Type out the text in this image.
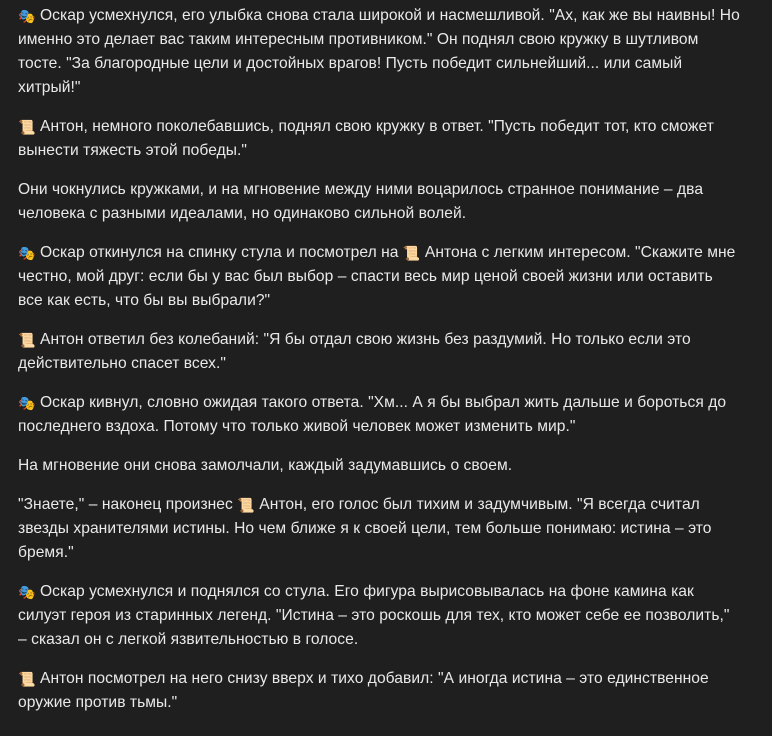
🎭 Оскар усмехнулся, его улыбка снова стала широкой и насмешливой. "Ах, как же вы наивны! Но именно это делает вас таким интересным противником." Он поднял свою кружку в шутливом тосте. "За благородные цели и достойных врагов! Пусть победит сильнейший... или самый хитрый!"

📜 Антон, немного поколебавшись, поднял свою кружку в ответ. "Пусть победит тот, кто сможет вынести тяжесть этой победы."

Они чокнулись кружками, и на мгновение между ними воцарилось странное понимание – два человека с разными идеалами, но одинаково сильной волей.

🎭 Оскар откинулся на спинку стула и посмотрел на 📜 Антона с легким интересом. "Скажите мне честно, мой друг: если бы у вас был выбор – спасти весь мир ценой своей жизни или оставить все как есть, что бы вы выбрали?"

📜 Антон ответил без колебаний: "Я бы отдал свою жизнь без раздумий. Но только если это действительно спасет всех."

🎭 Оскар кивнул, словно ожидая такого ответа. "Хм... А я бы выбрал жить дальше и бороться до последнего вздоха. Потому что только живой человек может изменить мир."

На мгновение они снова замолчали, каждый задумавшись о своем.

"Знаете," – наконец произнес 📜 Антон, его голос был тихим и задумчивым. "Я всегда считал звезды хранителями истины. Но чем ближе я к своей цели, тем больше понимаю: истина – это бремя."

🎭 Оскар усмехнулся и поднялся со стула. Его фигура вырисовывалась на фоне камина как силуэт героя из старинных легенд. "Истина – это роскошь для тех, кто может себе ее позволить," – сказал он с легкой язвительностью в голосе.

📜 Антон посмотрел на него снизу вверх и тихо добавил: "А иногда истина – это единственное оружие против тьмы."
